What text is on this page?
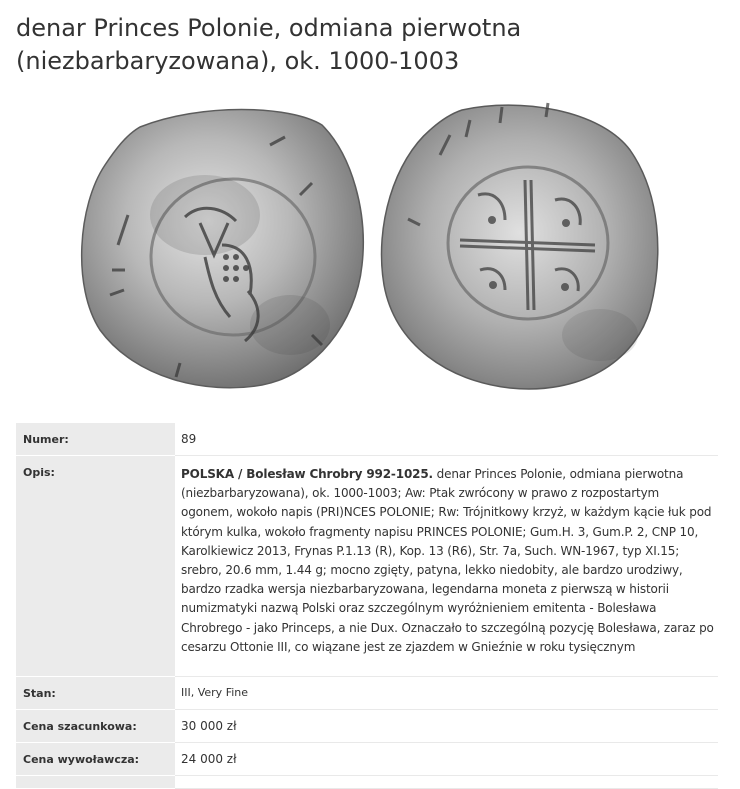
denar Princes Polonie, odmiana pierwotna (niezbarbaryzowana), ok. 1000-1003
Numer:	89
Opis:	POLSKA / Bolesław Chrobry 992-1025. denar Princes Polonie, odmiana pierwotna (niezbarbaryzowana), ok. 1000-1003; Aw: Ptak zwrócony w prawo z rozpostartym ogonem, wokoło napis (PRI)NCES POLONIE; Rw: Trójnitkowy krzyż, w każdym kącie łuk pod którym kulka, wokoło fragmenty napisu PRINCES POLONIE; Gum.H. 3, Gum.P. 2, CNP 10, Karolkiewicz 2013, Frynas P.1.13 (R), Kop. 13 (R6), Str. 7a, Such. WN-1967, typ XI.15; srebro, 20.6 mm, 1.44 g; mocno zgięty, patyna, lekko niedobity, ale bardzo urodziwy, bardzo rzadka wersja niezbarbaryzowana, legendarna moneta z pierwszą w historii numizmatyki nazwą Polski oraz szczególnym wyróżnieniem emitenta - Bolesława Chrobrego - jako Princeps, a nie Dux. Oznaczało to szczególną pozycję Bolesława, zaraz po cesarzu Ottonie III, co wiązane jest ze zjazdem w Gnieźnie w roku tysięcznym
Stan:	III, Very Fine
Cena szacunkowa:	30 000 zł
Cena wywoławcza:	24 000 zł
